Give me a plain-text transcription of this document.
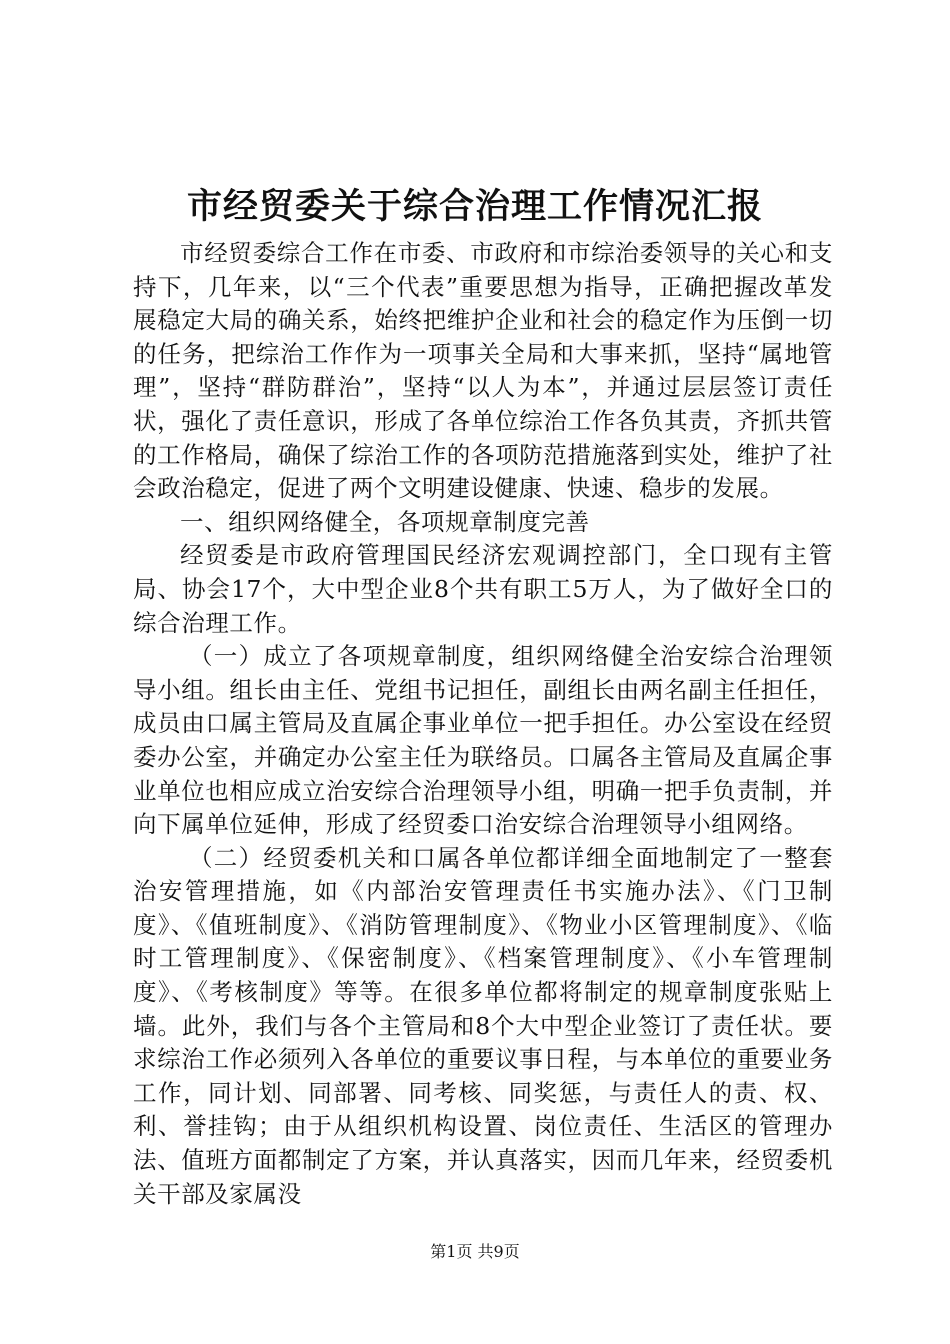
市经贸委关于综合治理工作情况汇报

市经贸委综合工作在市委、市政府和市综治委领导的关心和支持下，几年来，以“三个代表”重要思想为指导，正确把握改革发展稳定大局的确关系，始终把维护企业和社会的稳定作为压倒一切的任务，把综治工作作为一项事关全局和大事来抓，坚持“属地管理”，坚持“群防群治”，坚持“以人为本”，并通过层层签订责任状，强化了责任意识，形成了各单位综治工作各负其责，齐抓共管的工作格局，确保了综治工作的各项防范措施落到实处，维护了社会政治稳定，促进了两个文明建设健康、快速、稳步的发展。

一、组织网络健全，各项规章制度完善

经贸委是市政府管理国民经济宏观调控部门，全口现有主管局、协会17个，大中型企业8个共有职工5万人，为了做好全口的综合治理工作。

（一）成立了各项规章制度，组织网络健全治安综合治理领导小组。组长由主任、党组书记担任，副组长由两名副主任担任，成员由口属主管局及直属企事业单位一把手担任。办公室设在经贸委办公室，并确定办公室主任为联络员。口属各主管局及直属企事业单位也相应成立治安综合治理领导小组，明确一把手负责制，并向下属单位延伸，形成了经贸委口治安综合治理领导小组网络。

（二）经贸委机关和口属各单位都详细全面地制定了一整套治安管理措施，如《内部治安管理责任书实施办法》、《门卫制度》、《值班制度》、《消防管理制度》、《物业小区管理制度》、《临时工管理制度》、《保密制度》、《档案管理制度》、《小车管理制度》、《考核制度》等等。在很多单位都将制定的规章制度张贴上墙。此外，我们与各个主管局和8个大中型企业签订了责任状。要求综治工作必须列入各单位的重要议事日程，与本单位的重要业务工作，同计划、同部署、同考核、同奖惩，与责任人的责、权、利、誉挂钩；由于从组织机构设置、岗位责任、生活区的管理办法、值班方面都制定了方案，并认真落实，因而几年来，经贸委机关干部及家属没

第1页 共9页
